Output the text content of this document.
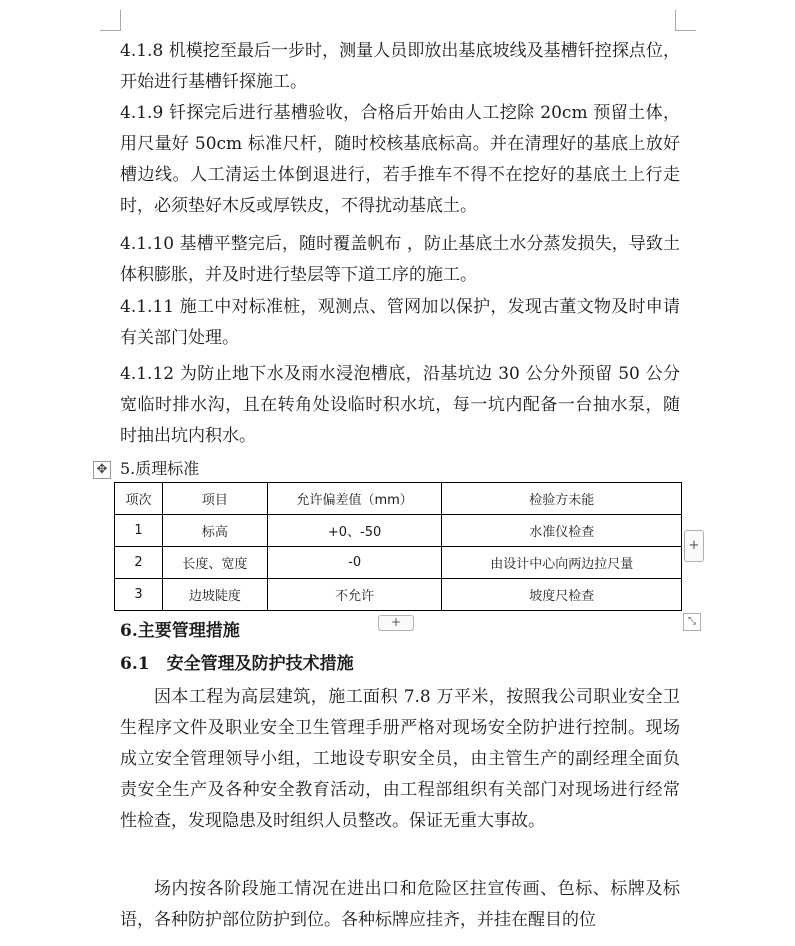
4.1.8 机模挖至最后一步时，测量人员即放出基底坡线及基槽钎控探点位，开始进行基槽钎探施工。

4.1.9 钎探完后进行基槽验收，合格后开始由人工挖除 20cm 预留土体，用尺量好 50cm 标准尺杆，随时校核基底标高。并在清理好的基底上放好槽边线。人工清运土体倒退进行，若手推车不得不在挖好的基底土上行走时，必须垫好木反或厚铁皮，不得扰动基底土。

4.1.10 基槽平整完后，随时覆盖帆布 ，防止基底土水分蒸发损失，导致土体积膨胀，并及时进行垫层等下道工序的施工。

4.1.11 施工中对标准桩，观测点、管网加以保护，发现古董文物及时申请有关部门处理。

4.1.12 为防止地下水及雨水浸泡槽底，沿基坑边 30 公分外预留 50 公分宽临时排水沟，且在转角处设临时积水坑，每一坑内配备一台抽水泵，随时抽出坑内积水。

✥ 5.质理标准
项次	项目	允许偏差值（mm）	检验方未能
1	标高	+0、-50	水准仪检查
2	长度、宽度	-0	由设计中心向两边拉尺量
3	边坡陡度	不允许	坡度尺检查
+
+	⤡
6.主要管理措施
6.1　安全管理及防护技术措施

因本工程为高层建筑，施工面积 7.8 万平米，按照我公司职业安全卫生程序文件及职业安全卫生管理手册严格对现场安全防护进行控制。现场成立安全管理领导小组，工地设专职安全员，由主管生产的副经理全面负责安全生产及各种安全教育活动，由工程部组织有关部门对现场进行经常性检查，发现隐患及时组织人员整改。保证无重大事故。

场内按各阶段施工情况在进出口和危险区拄宣传画、色标、标牌及标语，各种防护部位防护到位。各种标牌应挂齐，并挂在醒目的位
